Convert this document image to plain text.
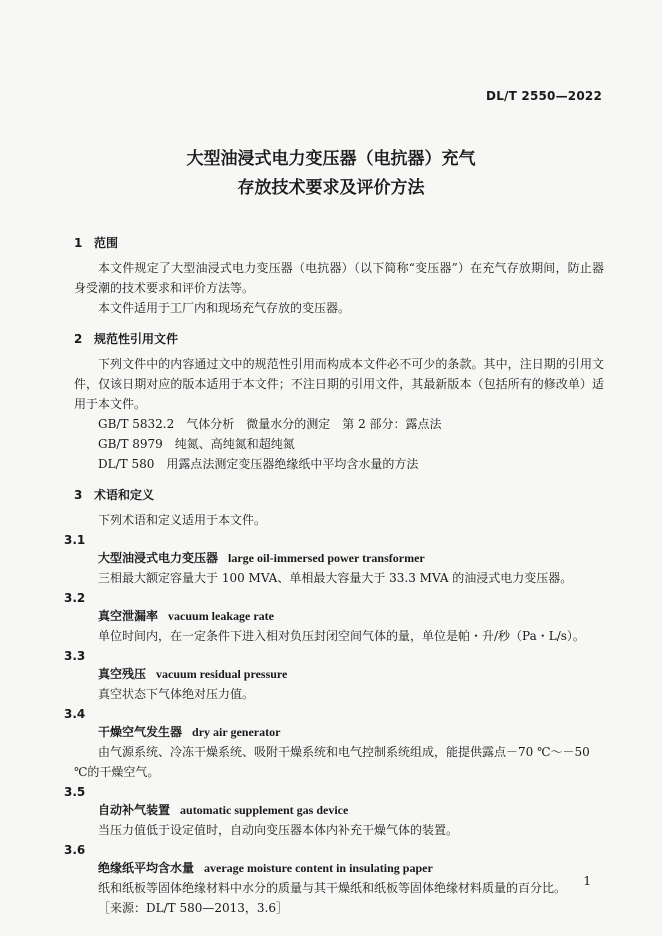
DL/T 2550—2022
大型油浸式电力变压器（电抗器）充气
存放技术要求及评价方法
1 范围

本文件规定了大型油浸式电力变压器（电抗器）（以下简称“变压器”）在充气存放期间，防止器身受潮的技术要求和评价方法等。

本文件适用于工厂内和现场充气存放的变压器。

2 规范性引用文件

下列文件中的内容通过文中的规范性引用而构成本文件必不可少的条款。其中，注日期的引用文件，仅该日期对应的版本适用于本文件；不注日期的引用文件，其最新版本（包括所有的修改单）适用于本文件。

GB/T 5832.2　气体分析　微量水分的测定　第 2 部分：露点法

GB/T 8979　纯氮、高纯氮和超纯氮

DL/T 580　用露点法测定变压器绝缘纸中平均含水量的方法

3 术语和定义

下列术语和定义适用于本文件。

3.1

大型油浸式电力变压器 large oil-immersed power transformer

三相最大额定容量大于 100 MVA、单相最大容量大于 33.3 MVA 的油浸式电力变压器。

3.2

真空泄漏率 vacuum leakage rate

单位时间内，在一定条件下进入相对负压封闭空间气体的量，单位是帕・升/秒（Pa・L/s）。

3.3

真空残压 vacuum residual pressure

真空状态下气体绝对压力值。

3.4

干燥空气发生器 dry air generator

由气源系统、冷冻干燥系统、吸附干燥系统和电气控制系统组成，能提供露点－70 ℃～－50 ℃的干燥空气。

3.5

自动补气装置 automatic supplement gas device

当压力值低于设定值时，自动向变压器本体内补充干燥气体的装置。

3.6

绝缘纸平均含水量 average moisture content in insulating paper

纸和纸板等固体绝缘材料中水分的质量与其干燥纸和纸板等固体绝缘材料质量的百分比。

［来源：DL/T 580—2013，3.6］

1
